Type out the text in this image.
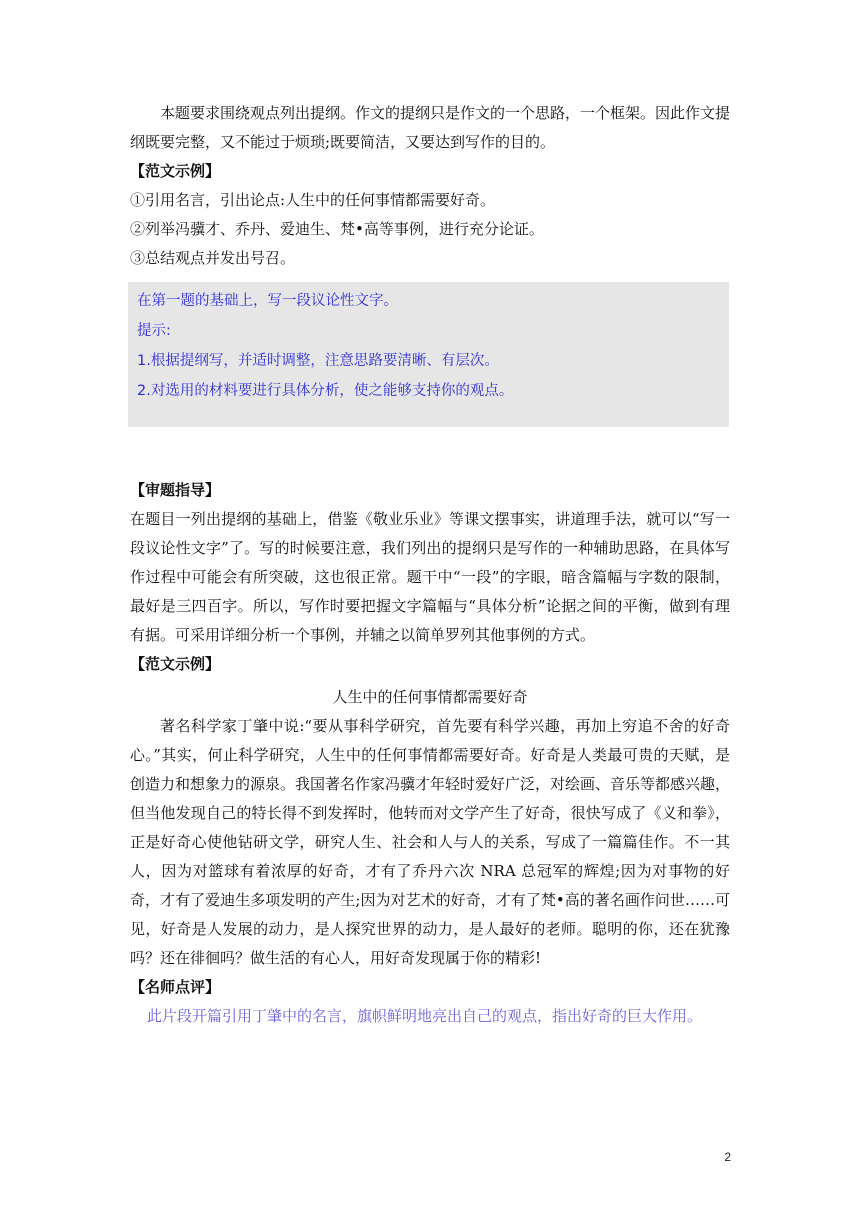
本题要求围绕观点列出提纲。作文的提纲只是作文的一个思路，一个框架。因此作文提纲既要完整，又不能过于烦琐;既要简洁，又要达到写作的目的。
【范文示例】
①引用名言，引出论点:人生中的任何事情都需要好奇。
②列举冯骥才、乔丹、爱迪生、梵•高等事例，进行充分论证。
③总结观点并发出号召。
在第一题的基础上，写一段议论性文字。
提示:
1.根据提纲写，并适时调整，注意思路要清晰、有层次。
2.对选用的材料要进行具体分析，使之能够支持你的观点。
【审题指导】
在题目一列出提纲的基础上，借鉴《敬业乐业》等课文摆事实，讲道理手法，就可以“写一段议论性文字”了。写的时候要注意，我们列出的提纲只是写作的一种辅助思路，在具体写作过程中可能会有所突破，这也很正常。题干中“一段”的字眼，暗含篇幅与字数的限制，最好是三四百字。所以，写作时要把握文字篇幅与“具体分析”论据之间的平衡，做到有理有据。可采用详细分析一个事例，并辅之以简单罗列其他事例的方式。
【范文示例】
人生中的任何事情都需要好奇
著名科学家丁肇中说:“要从事科学研究，首先要有科学兴趣，再加上穷追不舍的好奇心。”其实，何止科学研究，人生中的任何事情都需要好奇。好奇是人类最可贵的天赋，是创造力和想象力的源泉。我国著名作家冯骥才年轻时爱好广泛，对绘画、音乐等都感兴趣，但当他发现自己的特长得不到发挥时，他转而对文学产生了好奇，很快写成了《义和拳》，正是好奇心使他钻研文学，研究人生、社会和人与人的关系，写成了一篇篇佳作。不一其人，因为对篮球有着浓厚的好奇，才有了乔丹六次 NRA 总冠军的辉煌;因为对事物的好奇，才有了爱迪生多项发明的产生;因为对艺术的好奇，才有了梵•高的著名画作问世……可见，好奇是人发展的动力，是人探究世界的动力，是人最好的老师。聪明的你，还在犹豫吗？还在徘徊吗？做生活的有心人，用好奇发现属于你的精彩!
【名师点评】
此片段开篇引用丁肇中的名言，旗帜鲜明地亮出自己的观点，指出好奇的巨大作用。
2
